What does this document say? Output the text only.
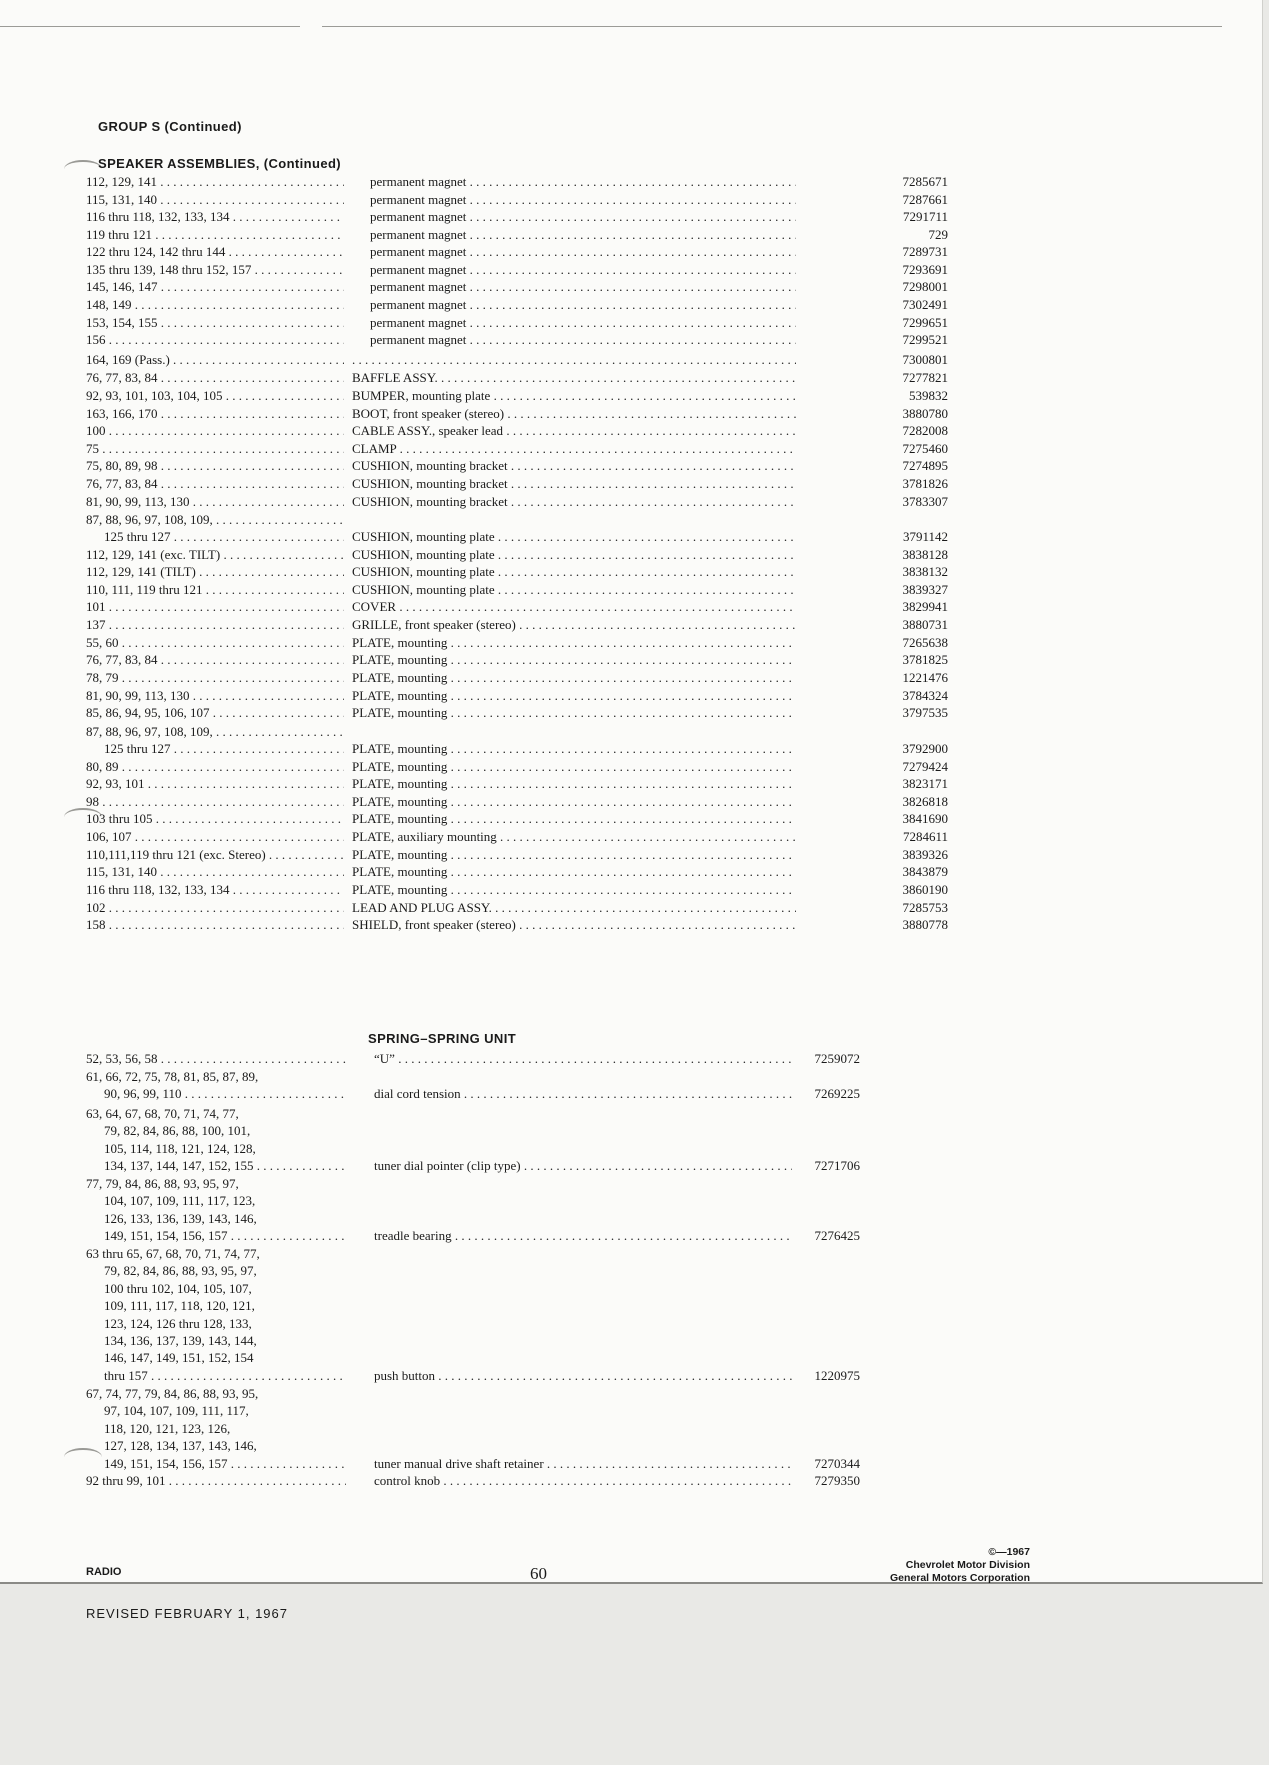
GROUP S (Continued)
SPEAKER ASSEMBLIES, (Continued)
112, 129, 141 . . .	permanent magnet . . .	7285671
115, 131, 140 . . .	permanent magnet . . .	7287661
116 thru 118, 132, 133, 134 . . .	permanent magnet . . .	7291711
119 thru 121 . . .	permanent magnet . . .	729
122 thru 124, 142 thru 144 . . .	permanent magnet . . .	7289731
135 thru 139, 148 thru 152, 157 . . .	permanent magnet . . .	7293691
145, 146, 147 . . .	permanent magnet . . .	7298001
148, 149 . . .	permanent magnet . . .	7302491
153, 154, 155 . . .	permanent magnet . . .	7299651
156 . . .	permanent magnet . . .	7299521
164, 169 (Pass.) . . . . . .	7300801
76, 77, 83, 84 . . .	BAFFLE ASSY. . . .	7277821
92, 93, 101, 103, 104, 105 . . .	BUMPER, mounting plate . . .	539832
163, 166, 170 . . .	BOOT, front speaker (stereo) . . .	3880780
100 . . .	CABLE ASSY., speaker lead . . .	7282008
75 . . .	CLAMP . . .	7275460
75, 80, 89, 98 . . .	CUSHION, mounting bracket . . .	7274895
76, 77, 83, 84 . . .	CUSHION, mounting bracket . . .	3781826
81, 90, 99, 113, 130 . . .	CUSHION, mounting bracket . . .	3783307
87, 88, 96, 97, 108, 109, . . .
125 thru 127 . . .	CUSHION, mounting plate . . .	3791142
112, 129, 141 (exc. TILT) . . .	CUSHION, mounting plate . . .	3838128
112, 129, 141 (TILT) . . .	CUSHION, mounting plate . . .	3838132
110, 111, 119 thru 121 . . .	CUSHION, mounting plate . . .	3839327
101 . . .	COVER . . .	3829941
137 . . .	GRILLE, front speaker (stereo) . . .	3880731
55, 60 . . .	PLATE, mounting . . .	7265638
76, 77, 83, 84 . . .	PLATE, mounting . . .	3781825
78, 79 . . .	PLATE, mounting . . .	1221476
81, 90, 99, 113, 130 . . .	PLATE, mounting . . .	3784324
85, 86, 94, 95, 106, 107 . . .	PLATE, mounting . . .	3797535
87, 88, 96, 97, 108, 109, . . .
125 thru 127 . . .	PLATE, mounting . . .	3792900
80, 89 . . .	PLATE, mounting . . .	7279424
92, 93, 101 . . .	PLATE, mounting . . .	3823171
98 . . .	PLATE, mounting . . .	3826818
103 thru 105 . . .	PLATE, mounting . . .	3841690
106, 107 . . .	PLATE, auxiliary mounting . . .	7284611
110,111,119 thru 121 (exc. Stereo) . . .	PLATE, mounting . . .	3839326
115, 131, 140 . . .	PLATE, mounting . . .	3843879
116 thru 118, 132, 133, 134 . . .	PLATE, mounting . . .	3860190
102 . . .	LEAD AND PLUG ASSY. . . .	7285753
158 . . .	SHIELD, front speaker (stereo) . . .	3880778
SPRING–SPRING UNIT
52, 53, 56, 58 . . .	“U” . . .	7259072
61, 66, 72, 75, 78, 81, 85, 87, 89,
90, 96, 99, 110 . . .	dial cord tension . . .	7269225
63, 64, 67, 68, 70, 71, 74, 77,
79, 82, 84, 86, 88, 100, 101,
105, 114, 118, 121, 124, 128,
134, 137, 144, 147, 152, 155 . . .	tuner dial pointer (clip type) . . .	7271706
77, 79, 84, 86, 88, 93, 95, 97,
104, 107, 109, 111, 117, 123,
126, 133, 136, 139, 143, 146,
149, 151, 154, 156, 157 . . .	treadle bearing . . .	7276425
63 thru 65, 67, 68, 70, 71, 74, 77,
79, 82, 84, 86, 88, 93, 95, 97,
100 thru 102, 104, 105, 107,
109, 111, 117, 118, 120, 121,
123, 124, 126 thru 128, 133,
134, 136, 137, 139, 143, 144,
146, 147, 149, 151, 152, 154
thru 157 . . .	push button . . .	1220975
67, 74, 77, 79, 84, 86, 88, 93, 95,
97, 104, 107, 109, 111, 117,
118, 120, 121, 123, 126,
127, 128, 134, 137, 143, 146,
149, 151, 154, 156, 157 . . .	tuner manual drive shaft retainer . . .	7270344
92 thru 99, 101 . . .	control knob . . .	7279350
RADIO
REVISED FEBRUARY 1, 1967
60
©—1967
Chevrolet Motor Division
General Motors Corporation
